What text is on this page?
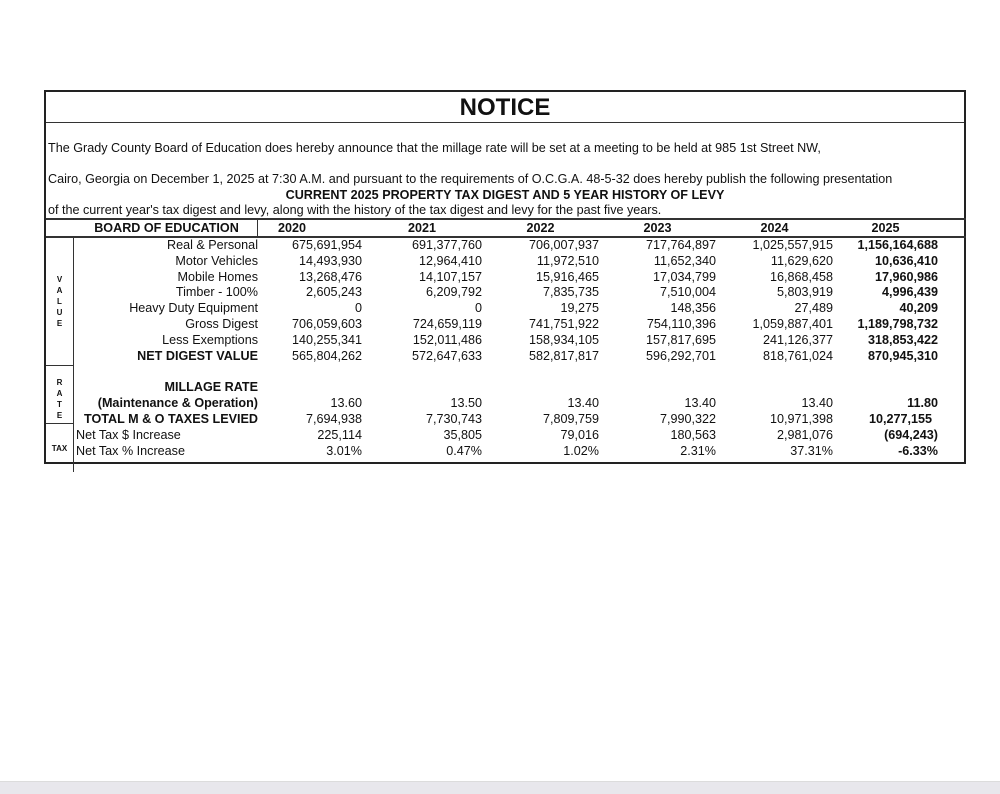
NOTICE

The Grady County Board of Education does hereby announce that the millage rate will be set at a meeting to be held at 985 1st Street NW,

Cairo, Georgia on December 1, 2025 at 7:30 A.M. and pursuant to the requirements of O.C.G.A. 48-5-32 does hereby publish the following presentation

of the current year's tax digest and levy, along with the history of the tax digest and levy for the past five years.

CURRENT 2025 PROPERTY TAX DIGEST AND 5 YEAR HISTORY OF LEVY
BOARD OF EDUCATION	2020	2021	2022	2023	2024	2025
V
A
L
U
E
R
A
T
E
TAX
Real & Personal	675,691,954	691,377,760	706,007,937	717,764,897	1,025,557,915	1,156,164,688
Motor Vehicles	14,493,930	12,964,410	11,972,510	11,652,340	11,629,620	10,636,410
Mobile Homes	13,268,476	14,107,157	15,916,465	17,034,799	16,868,458	17,960,986
Timber - 100%	2,605,243	6,209,792	7,835,735	7,510,004	5,803,919	4,996,439
Heavy Duty Equipment	0	0	19,275	148,356	27,489	40,209
Gross Digest	706,059,603	724,659,119	741,751,922	754,110,396	1,059,887,401	1,189,798,732
Less Exemptions	140,255,341	152,011,486	158,934,105	157,817,695	241,126,377	318,853,422
NET DIGEST VALUE	565,804,262	572,647,633	582,817,817	596,292,701	818,761,024	870,945,310
MILLAGE RATE
(Maintenance & Operation)	13.60	13.50	13.40	13.40	13.40	11.80
TOTAL M & O TAXES LEVIED	7,694,938	7,730,743	7,809,759	7,990,322	10,971,398	10,277,155
Net Tax $ Increase	225,114	35,805	79,016	180,563	2,981,076	(694,243)
Net Tax % Increase	3.01%	0.47%	1.02%	2.31%	37.31%	-6.33%
